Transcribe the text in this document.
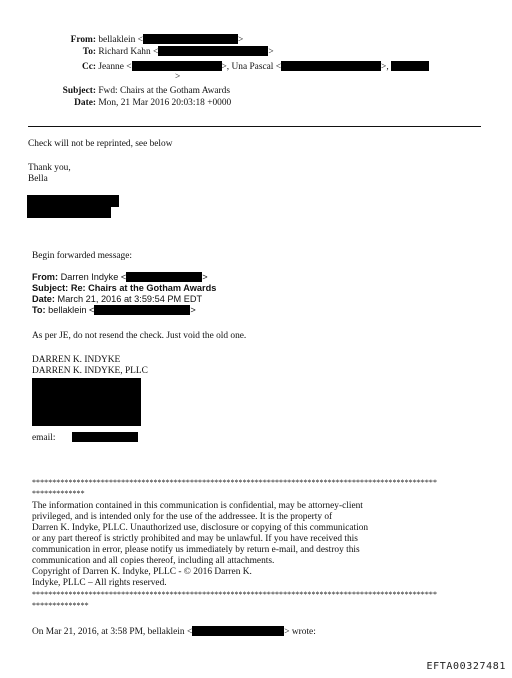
From: bellaklein <	>
To: Richard Kahn <	>
Cc: Jeanne <	>, Una Pascal <	>,
>
Subject: Fwd: Chairs at the Gotham Awards
Date: Mon, 21 Mar 2016 20:03:18 +0000
Check will not be reprinted, see below
Thank you,
Bella
Begin forwarded message:
From: Darren Indyke <	>
Subject: Re: Chairs at the Gotham Awards
Date: March 21, 2016 at 3:59:54 PM EDT
To: bellaklein <	>
As per JE, do not resend the check. Just void the old one.
DARREN K. INDYKE
DARREN K. INDYKE, PLLC
email:
****************************************************************************************************
*************
The information contained in this communication is confidential, may be attorney-client
privileged, and is intended only for the use of the addressee. It is the property of
Darren K. Indyke, PLLC. Unauthorized use, disclosure or copying of this communication
or any part thereof is strictly prohibited and may be unlawful. If you have received this
communication in error, please notify us immediately by return e-mail, and destroy this
communication and all copies thereof, including all attachments.
Copyright of Darren K. Indyke, PLLC - © 2016 Darren K.
Indyke, PLLC – All rights reserved.
****************************************************************************************************
**************
On Mar 21, 2016, at 3:58 PM, bellaklein <	> wrote:
EFTA00327481
